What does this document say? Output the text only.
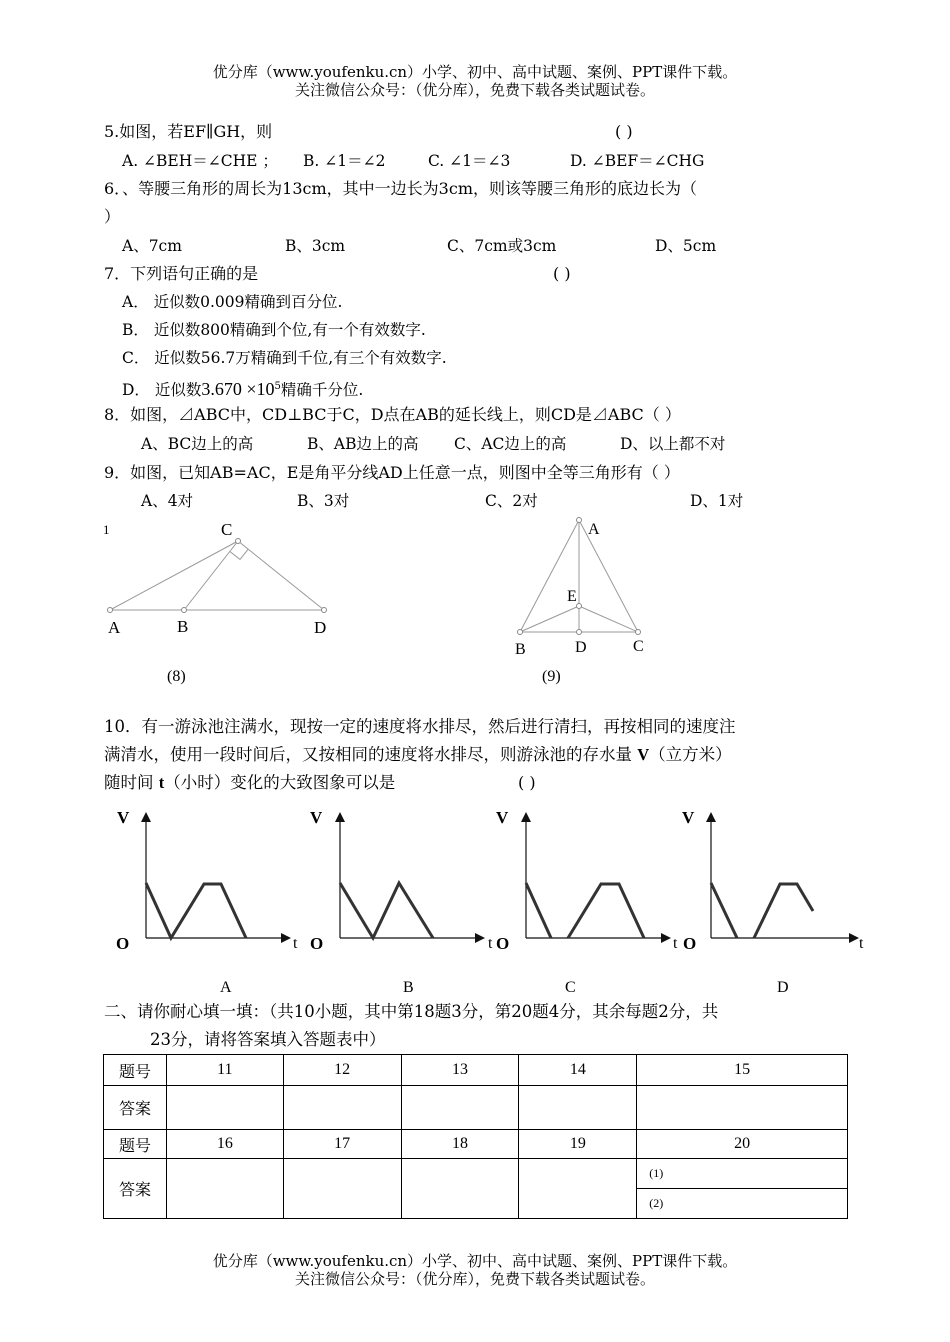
优分库（www.youfenku.cn）小学、初中、高中试题、案例、PPT课件下载。
关注微信公众号：（优分库），免费下载各类试题试卷。
5.如图，若EF∥GH，则	( )
A. ∠BEH＝∠CHE ； B. ∠1＝∠2	C. ∠1＝∠3	D. ∠BEF＝∠CHG
6．、等腰三角形的周长为13cm，其中一边长为3cm，则该等腰三角形的底边长为（
）
A、7cm	B、3cm	C、7cm或3cm	D、5cm
7．下列语句正确的是	( )
A． 近似数0.009精确到百分位.
B． 近似数800精确到个位,有一个有效数字.
C． 近似数56.7万精确到千位,有三个有效数字.
D． 近似数$3.670 \times 10^5$精确千分位.
8．如图，⊿ABC中，CD⊥BC于C，D点在AB的延长线上，则CD是⊿ABC（ ）
A、BC边上的高	B、AB边上的高 C、AC边上的高	D、以上都不对
9．如图，已知AB=AC，E是角平分线AD上任意一点，则图中全等三角形有（ ）
A、4对	B、3对	C、2对	D、1对
1	C
A	B	D
(8)
A
E
B	D	C
(9)
10．有一游泳池注满水，现按一定的速度将水排尽，然后进行清扫，再按相同的速度注
满清水，使用一段时间后，又按相同的速度将水排尽，则游泳池的存水量 V（立方米）
随时间 t（小时）变化的大致图象可以是	( )
V
O	t
A
V
O	t
B
V
O	t
C
V
O	t
D
二、请你耐心填一填：（共10小题，其中第18题3分，第20题4分，其余每题2分，共
23分，请将答案填入答题表中）
题号	11	12	13	14	15
答案					
题号	16	17	18	19	20
答案					(1)
					(2)
优分库（www.youfenku.cn）小学、初中、高中试题、案例、PPT课件下载。
关注微信公众号：（优分库），免费下载各类试题试卷。
